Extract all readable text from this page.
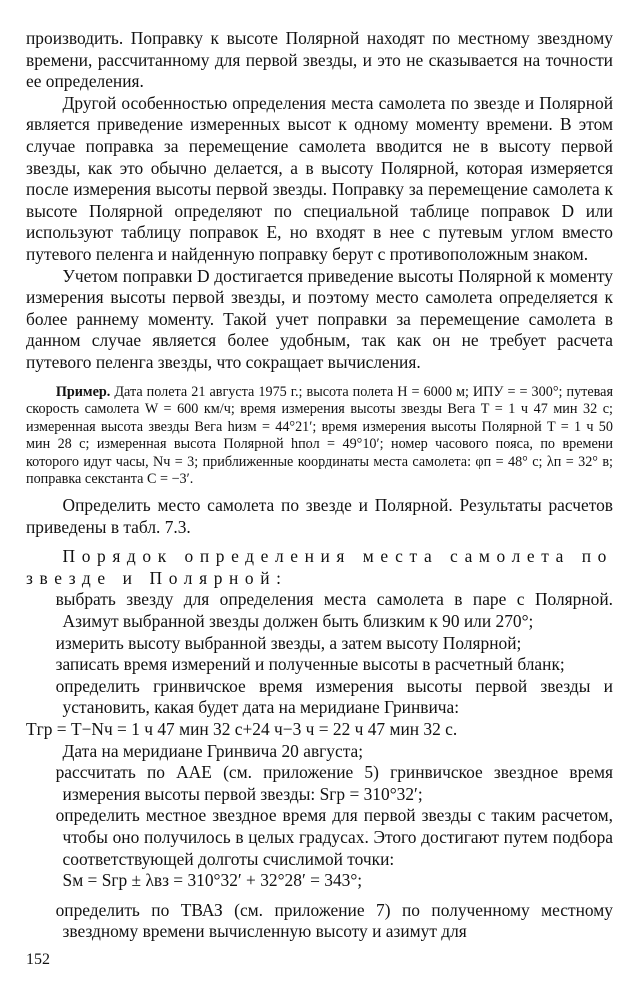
производить. Поправку к высоте Полярной находят по местному звездному времени, рассчитанному для первой звезды, и это не сказывается на точности ее определения.

Другой особенностью определения места самолета по звезде и Полярной является приведение измеренных высот к одному моменту времени. В этом случае поправка за перемещение самолета вводится не в высоту первой звезды, как это обычно делается, а в высоту Полярной, которая измеряется после измерения высоты первой звезды. Поправку за перемещение самолета к высоте Полярной определяют по специальной таблице поправок D или используют таблицу поправок E, но входят в нее с путевым углом вместо путевого пеленга и найденную поправку берут с противоположным знаком.

Учетом поправки D достигается приведение высоты Полярной к моменту измерения высоты первой звезды, и поэтому место самолета определяется к более раннему моменту. Такой учет поправки за перемещение самолета в данном случае является более удобным, так как он не требует расчета путевого пеленга звезды, что сокращает вычисления.

Пример. Дата полета 21 августа 1975 г.; высота полета H = 6000 м; ИПУ = = 300°; путевая скорость самолета W = 600 км/ч; время измерения высоты звезды Вега T = 1 ч 47 мин 32 с; измеренная высота звезды Вега hизм = 44°21′; время измерения высоты Полярной T = 1 ч 50 мин 28 с; измеренная высота Полярной hпол = 49°10′; номер часового пояса, по времени которого идут часы, Nч = 3; приближенные координаты места самолета: φп = 48° с; λп = 32° в; поправка секстанта C = −3′.

Определить место самолета по звезде и Полярной. Результаты расчетов приведены в табл. 7.3.

Порядок определения места самолета по звезде и Полярной:

выбрать звезду для определения места самолета в паре с Полярной. Азимут выбранной звезды должен быть близким к 90 или 270°;

измерить высоту выбранной звезды, а затем высоту Полярной;

записать время измерений и полученные высоты в расчетный бланк;

определить гринвичское время измерения высоты первой звезды и установить, какая будет дата на меридиане Гринвича:

Tгр = T−Nч = 1 ч 47 мин 32 с+24 ч−3 ч = 22 ч 47 мин 32 с.

Дата на меридиане Гринвича 20 августа;

рассчитать по ААЕ (см. приложение 5) гринвичское звездное время измерения высоты первой звезды: Sгр = 310°32′;

определить местное звездное время для первой звезды с таким расчетом, чтобы оно получилось в целых градусах. Этого достигают путем подбора соответствующей долготы счислимой точки:

Sм = Sгр ± λвз = 310°32′ + 32°28′ = 343°;

определить по ТВАЗ (см. приложение 7) по полученному местному звездному времени вычисленную высоту и азимут для

152
